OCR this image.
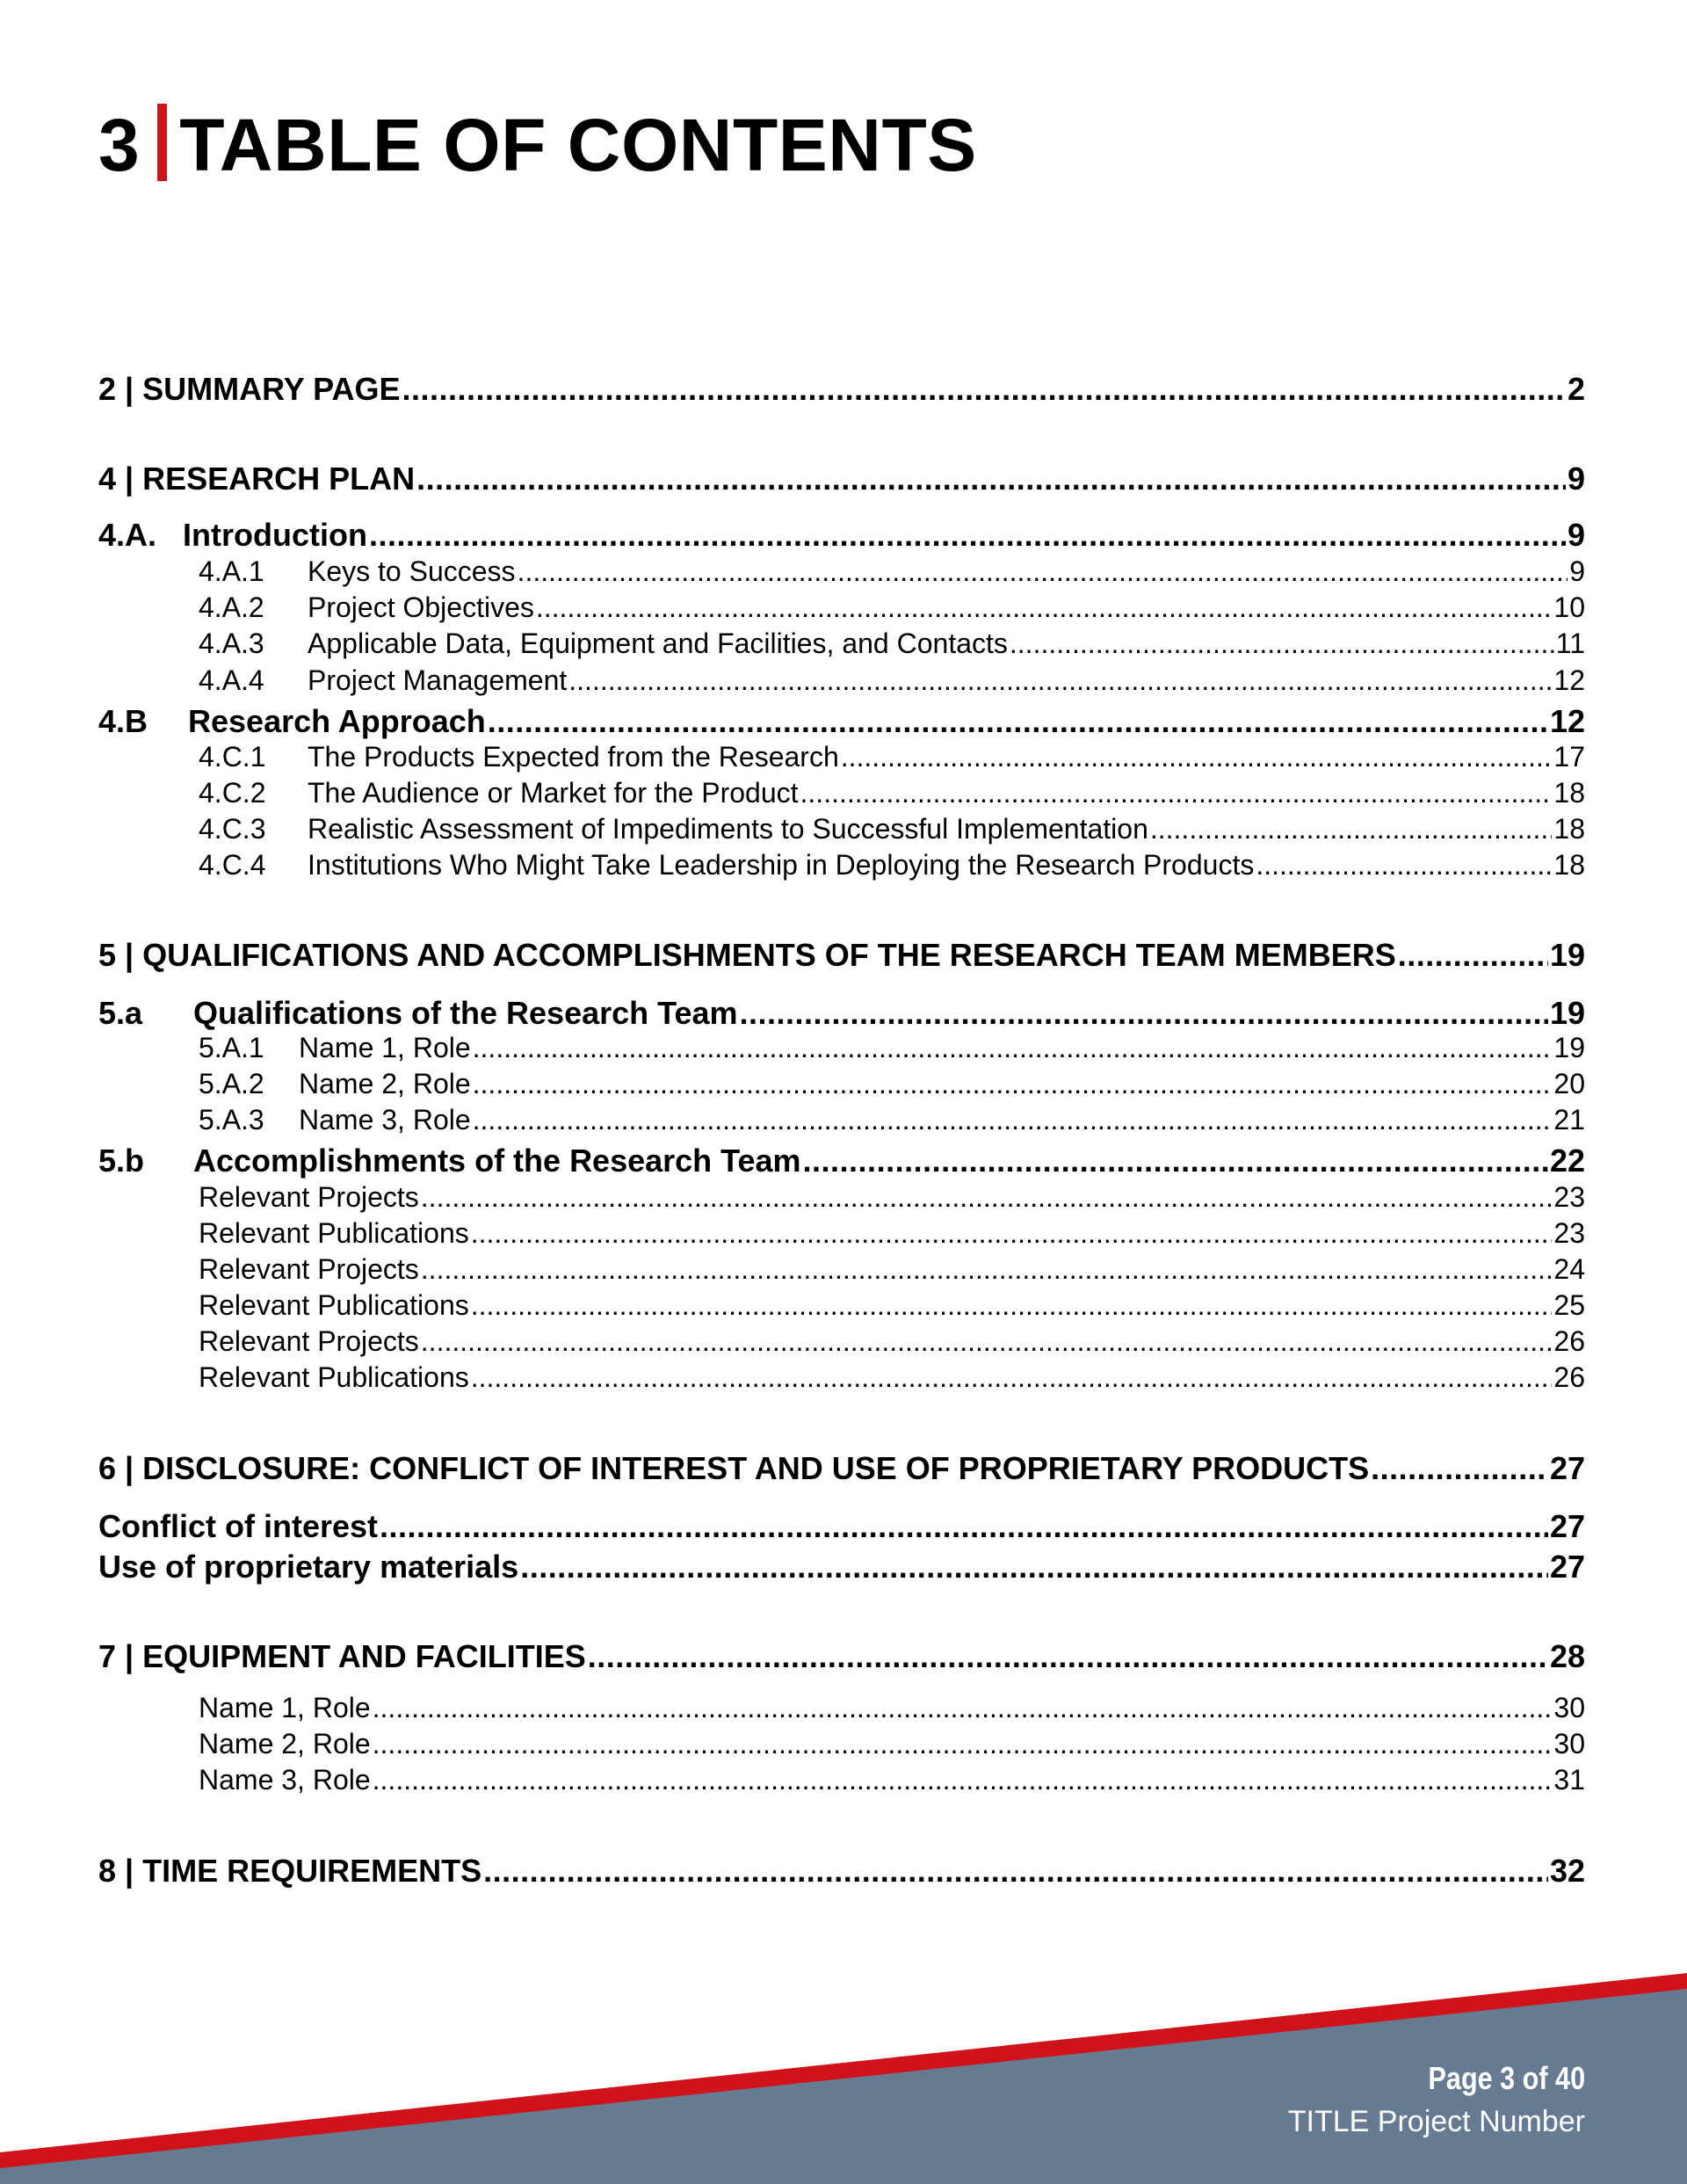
3 TABLE OF CONTENTS
2 | SUMMARY PAGE .....	2
4 | RESEARCH PLAN .....	9
4.A. Introduction .....	9
4.A.1	Keys to Success .....	9
4.A.2	Project Objectives .....	10
4.A.3	Applicable Data, Equipment and Facilities, and Contacts .....	11
4.A.4	Project Management .....	12
4.B	Research Approach .....	12
4.C.1	The Products Expected from the Research .....	17
4.C.2	The Audience or Market for the Product .....	18
4.C.3	Realistic Assessment of Impediments to Successful Implementation .....	18
4.C.4	Institutions Who Might Take Leadership in Deploying the Research Products .....	18
5 | QUALIFICATIONS AND ACCOMPLISHMENTS OF THE RESEARCH TEAM MEMBERS .....	19
5.a	Qualifications of the Research Team .....	19
5.A.1	Name 1, Role .....	19
5.A.2	Name 2, Role .....	20
5.A.3	Name 3, Role .....	21
5.b	Accomplishments of the Research Team .....	22
Relevant Projects .....	23
Relevant Publications .....	23
Relevant Projects .....	24
Relevant Publications .....	25
Relevant Projects .....	26
Relevant Publications .....	26
6 | DISCLOSURE: CONFLICT OF INTEREST AND USE OF PROPRIETARY PRODUCTS .....	27
Conflict of interest .....	27
Use of proprietary materials .....	27
7 | EQUIPMENT AND FACILITIES .....	28
Name 1, Role .....	30
Name 2, Role .....	30
Name 3, Role .....	31
8 | TIME REQUIREMENTS .....	32
Page 3 of 40
TITLE Project Number
